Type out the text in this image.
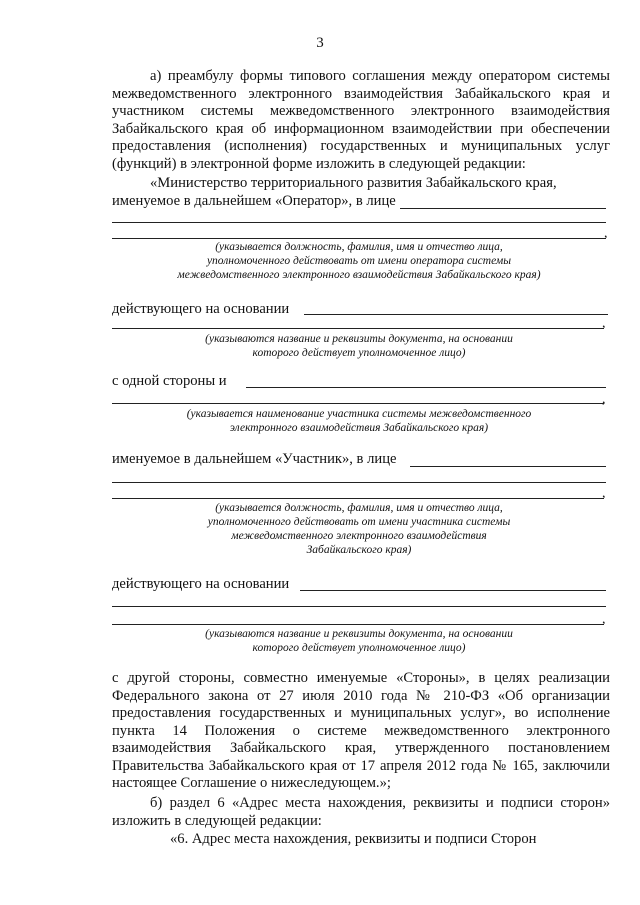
3
а) преамбулу формы типового соглашения между оператором системы межведомственного электронного взаимодействия Забайкальского края и участником системы межведомственного электронного взаимодействия Забайкальского края об информационном взаимодействии при обеспечении предоставления (исполнения) государственных и муниципальных услуг (функций) в электронной форме изложить в следующей редакции:
«Министерство территориального развития Забайкальского края,
именуемое в дальнейшем «Оператор», в лице
,
(указывается должность, фамилия, имя и отчество лица,
уполномоченного действовать от имени оператора системы
межведомственного электронного взаимодействия Забайкальского края)
действующего на основании
,
(указываются название и реквизиты документа, на основании
которого действует уполномоченное лицо)
с одной стороны и
,
(указывается наименование участника системы межведомственного
электронного взаимодействия Забайкальского края)
именуемое в дальнейшем «Участник», в лице
,
(указывается должность, фамилия, имя и отчество лица,
уполномоченного действовать от имени участника системы
межведомственного электронного взаимодействия
Забайкальского края)
действующего на основании
,
(указываются название и реквизиты документа, на основании
которого действует уполномоченное лицо)
с другой стороны, совместно именуемые «Стороны», в целях реализации Федерального закона от 27 июля 2010 года № 210-ФЗ «Об организации предоставления государственных и муниципальных услуг», во исполнение пункта 14 Положения о системе межведомственного электронного взаимодействия Забайкальского края, утвержденного постановлением Правительства Забайкальского края от 17 апреля 2012 года № 165, заключили настоящее Соглашение о нижеследующем.»;
б) раздел 6 «Адрес места нахождения, реквизиты и подписи сторон» изложить в следующей редакции:
«6. Адрес места нахождения, реквизиты и подписи Сторон
